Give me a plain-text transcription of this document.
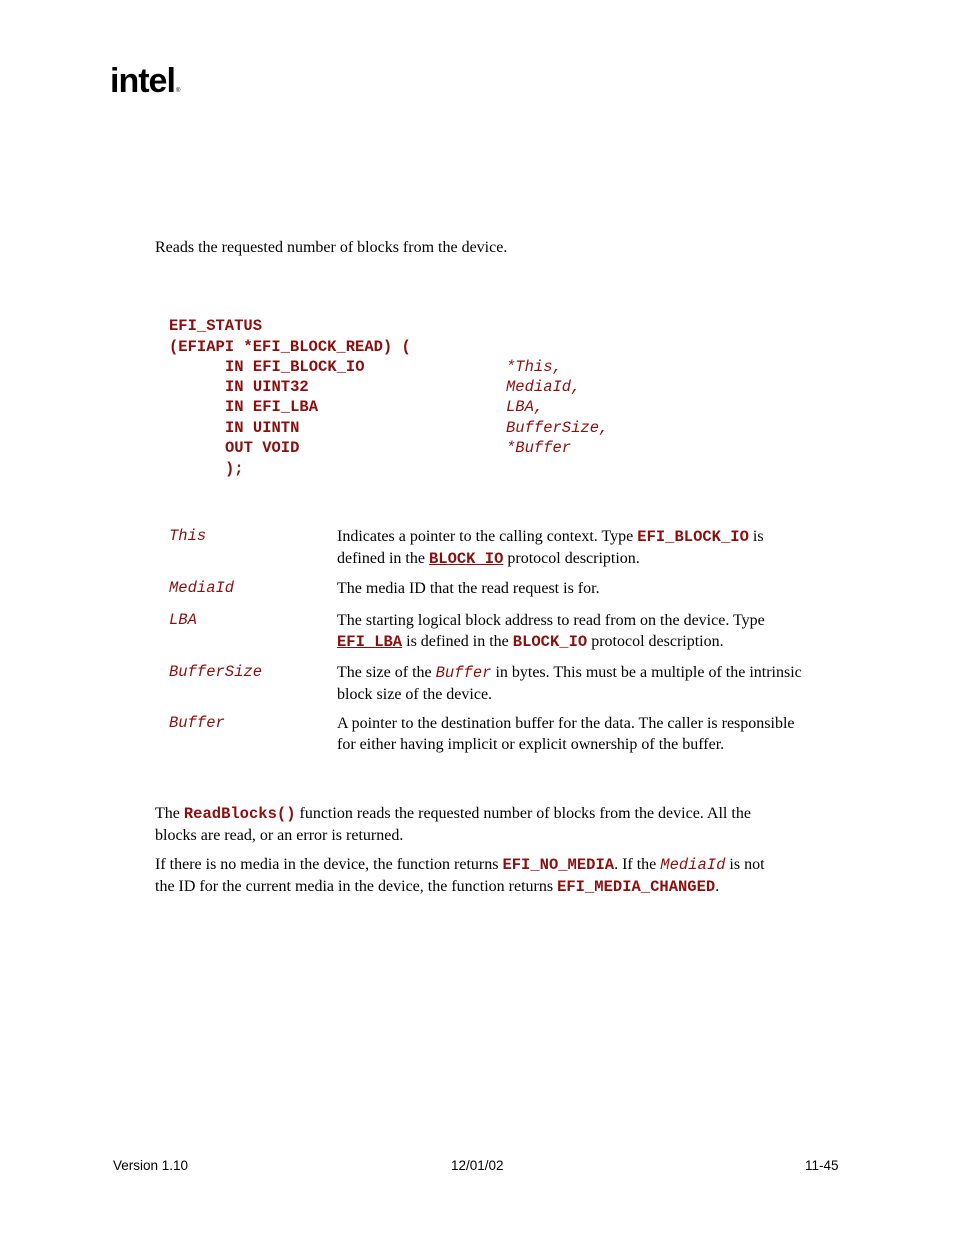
intel ®
Reads the requested number of blocks from the device.
EFI_STATUS
(EFIAPI *EFI_BLOCK_READ) (
IN EFI_BLOCK_IO	*This,
IN UINT32	MediaId,
IN EFI_LBA	LBA,
IN UINTN	BufferSize,
OUT VOID	*Buffer
);
This	Indicates a pointer to the calling context. Type EFI_BLOCK_IO is
defined in the BLOCK_IO protocol description.
MediaId	The media ID that the read request is for.
LBA	The starting logical block address to read from on the device. Type
EFI_LBA is defined in the BLOCK_IO protocol description.
BufferSize	The size of the Buffer in bytes. This must be a multiple of the intrinsic
block size of the device.
Buffer	A pointer to the destination buffer for the data. The caller is responsible
for either having implicit or explicit ownership of the buffer.
The ReadBlocks() function reads the requested number of blocks from the device. All the
blocks are read, or an error is returned.
If there is no media in the device, the function returns EFI_NO_MEDIA. If the MediaId is not
the ID for the current media in the device, the function returns EFI_MEDIA_CHANGED.
Version 1.10	12/01/02	11-45
